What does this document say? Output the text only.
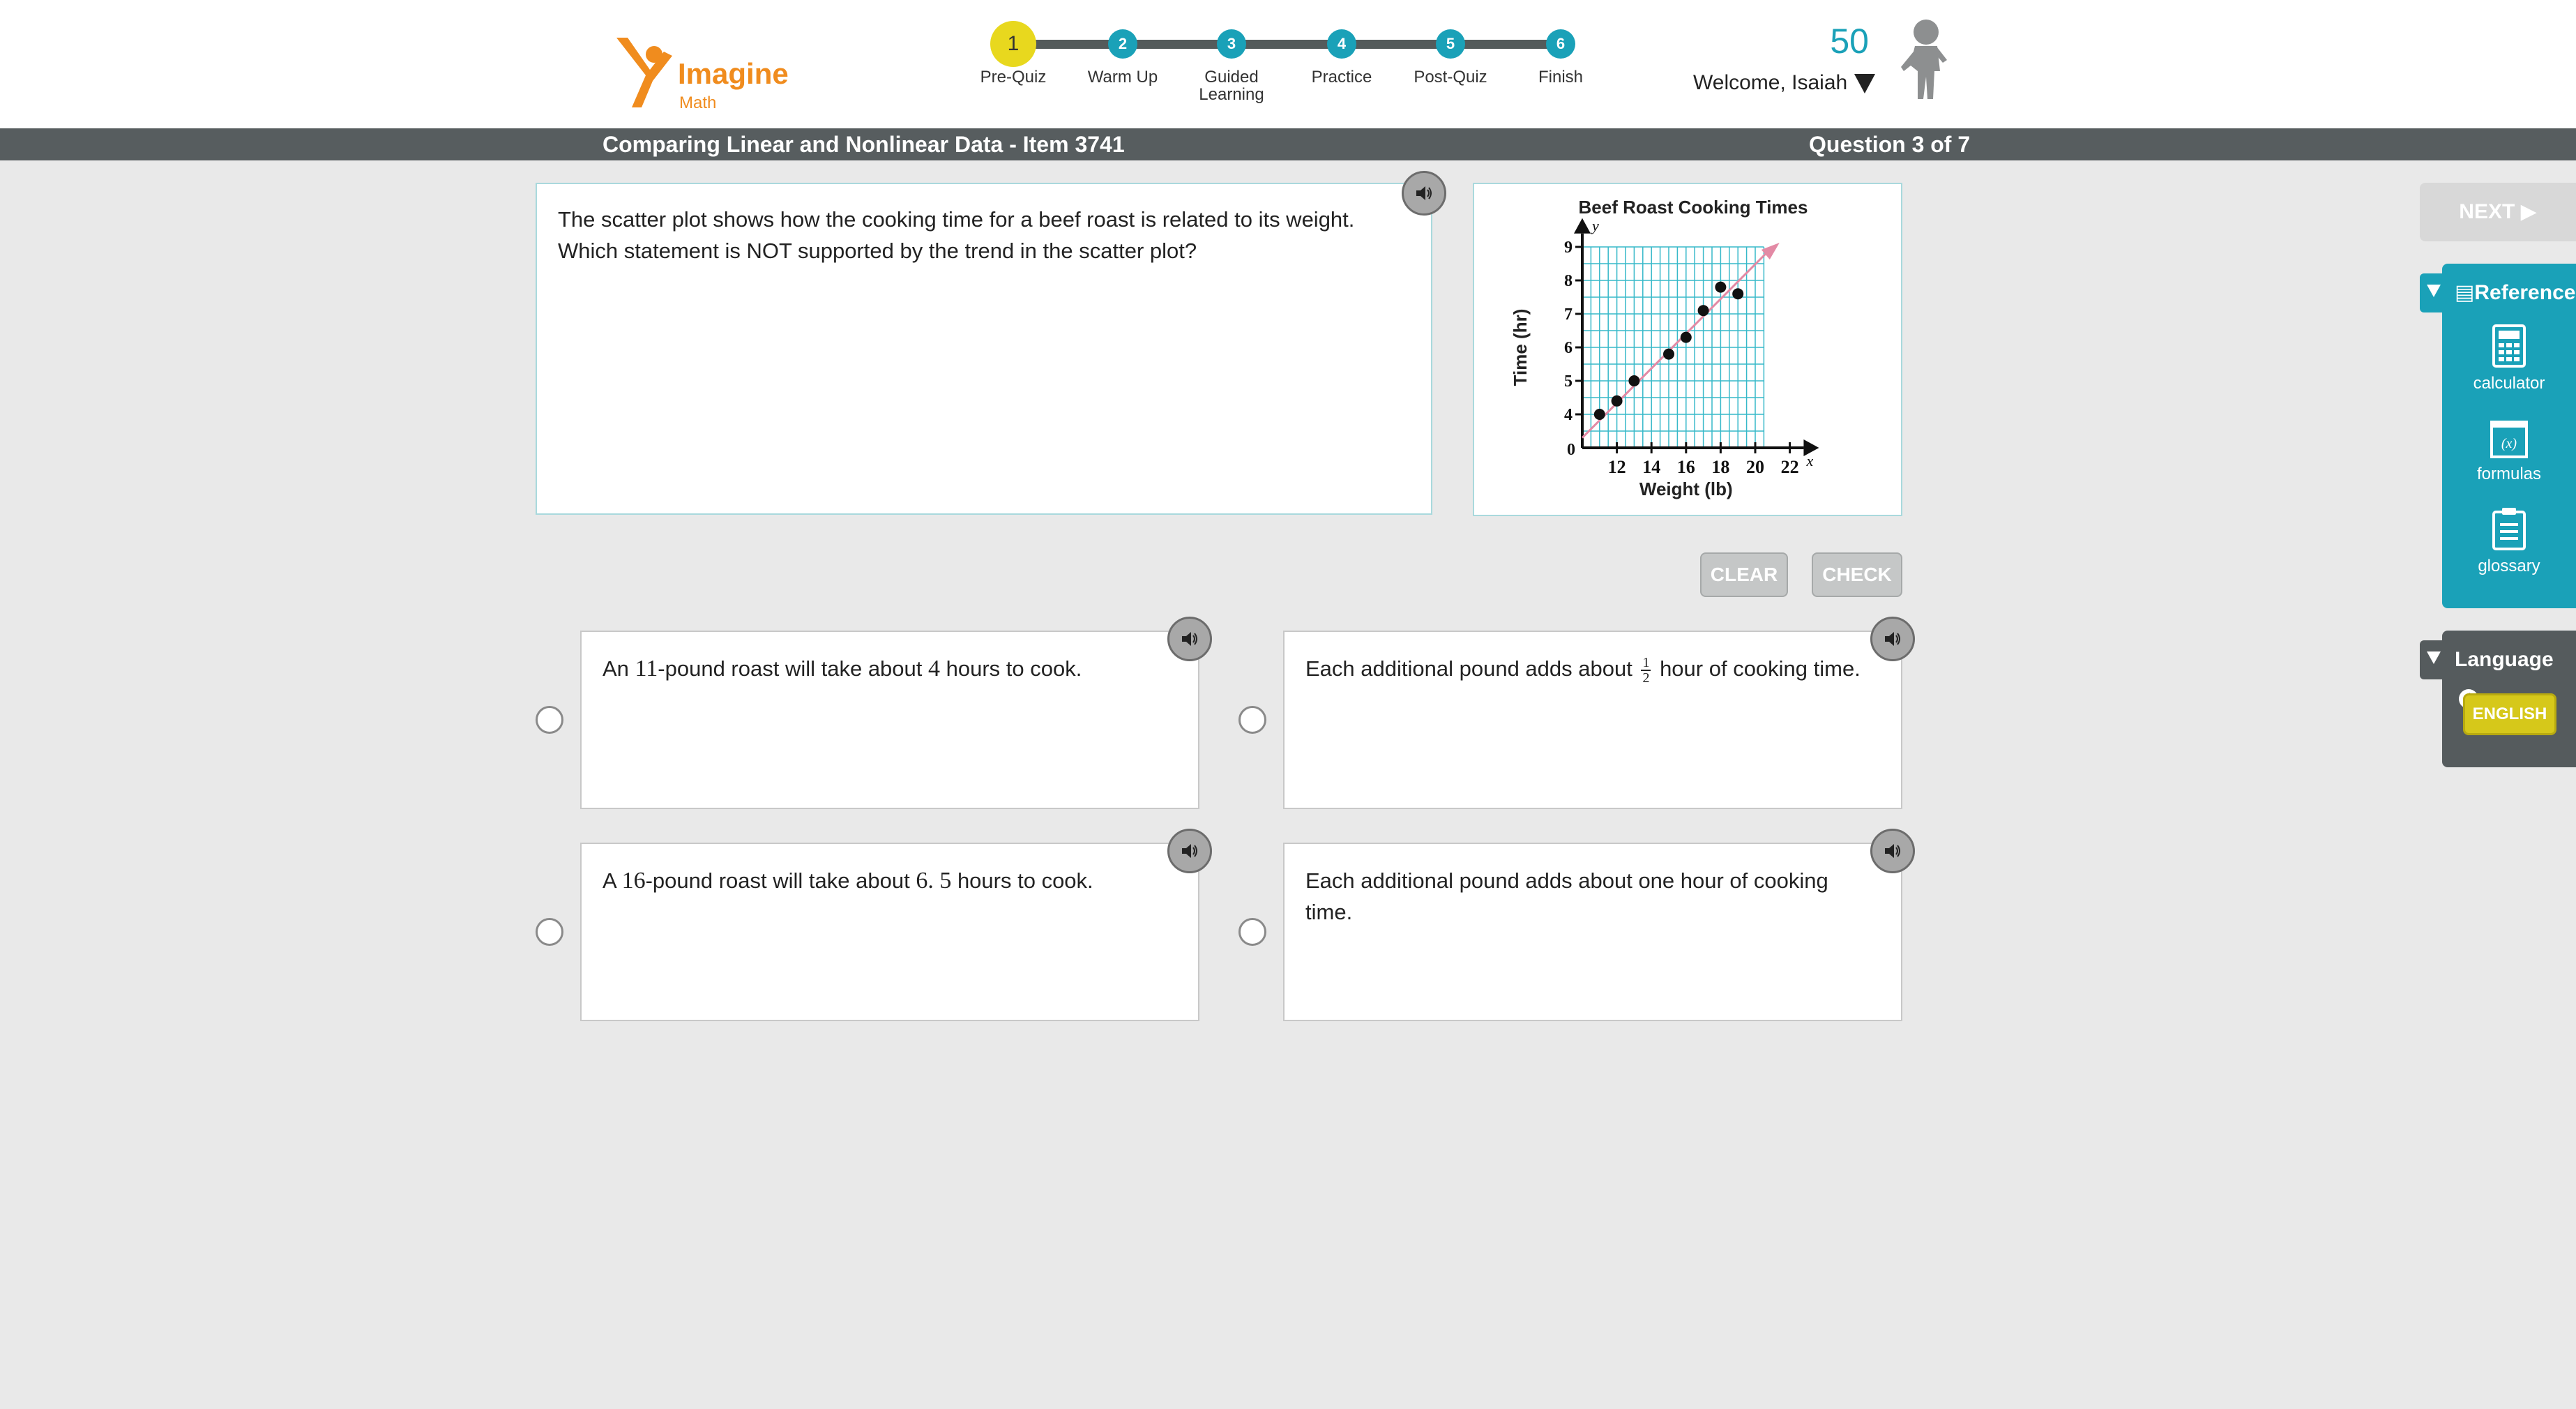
Imagine
Math
1
Pre-Quiz
2
Warm Up
3
Guided Learning
4
Practice
5
Post-Quiz
6
Finish
50
Welcome, Isaiah
Comparing Linear and Nonlinear Data - Item 3741	Question 3 of 7
The scatter plot shows how the cooking time for a beef roast is related to its weight. Which statement is NOT supported by the trend in the scatter plot?
Beef Roast Cooking Times
x
y
0
12 14 16 18 20 22
4
5
6
7
8
9
Time (hr)
Weight (lb)
CLEAR	CHECK
An 11-pound roast will take about 4 hours to cook.	Each additional pound adds about $\frac{1}{2}$ hour of cooking time.
A 16-pound roast will take about 6. 5 hours to cook.	Each additional pound adds about one hour of cooking time.
NEXT ▶
▤Reference
calculator
(x)
formulas
glossary
Language
ENGLISH
